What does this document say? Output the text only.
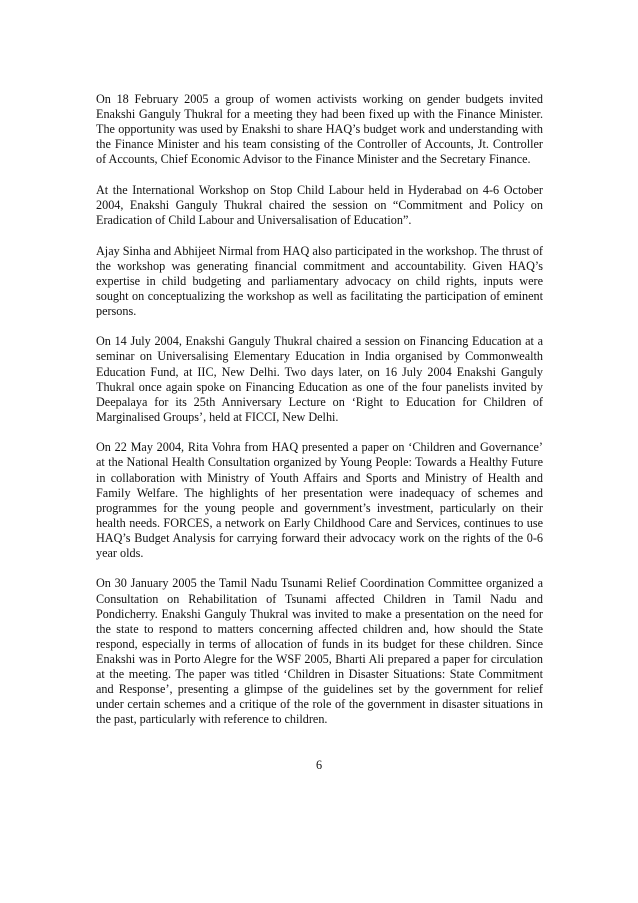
On 18 February 2005 a group of women activists working on gender budgets invited Enakshi Ganguly Thukral for a meeting they had been fixed up with the Finance Minister. The opportunity was used by Enakshi to share HAQ’s budget work and understanding with the Finance Minister and his team consisting of the Controller of Accounts, Jt. Controller of Accounts, Chief Economic Advisor to the Finance Minister and the Secretary Finance.

At the International Workshop on Stop Child Labour held in Hyderabad on 4-6 October 2004, Enakshi Ganguly Thukral chaired the session on “Commitment and Policy on Eradication of Child Labour and Universalisation of Education”.

Ajay Sinha and Abhijeet Nirmal from HAQ also participated in the workshop. The thrust of the workshop was generating financial commitment and accountability. Given HAQ’s expertise in child budgeting and parliamentary advocacy on child rights, inputs were sought on conceptualizing the workshop as well as facilitating the participation of eminent persons.

On 14 July 2004, Enakshi Ganguly Thukral chaired a session on Financing Education at a seminar on Universalising Elementary Education in India organised by Commonwealth Education Fund, at IIC, New Delhi. Two days later, on 16 July 2004 Enakshi Ganguly Thukral once again spoke on Financing Education as one of the four panelists invited by Deepalaya for its 25th Anniversary Lecture on ‘Right to Education for Children of Marginalised Groups’, held at FICCI, New Delhi.

On 22 May 2004, Rita Vohra from HAQ presented a paper on ‘Children and Governance’ at the National Health Consultation organized by Young People: Towards a Healthy Future in collaboration with Ministry of Youth Affairs and Sports and Ministry of Health and Family Welfare. The highlights of her presentation were inadequacy of schemes and programmes for the young people and government’s investment, particularly on their health needs. FORCES, a network on Early Childhood Care and Services, continues to use HAQ’s Budget Analysis for carrying forward their advocacy work on the rights of the 0-6 year olds.

On 30 January 2005 the Tamil Nadu Tsunami Relief Coordination Committee organized a Consultation on Rehabilitation of Tsunami affected Children in Tamil Nadu and Pondicherry. Enakshi Ganguly Thukral was invited to make a presentation on the need for the state to respond to matters concerning affected children and, how should the State respond, especially in terms of allocation of funds in its budget for these children. Since Enakshi was in Porto Alegre for the WSF 2005, Bharti Ali prepared a paper for circulation at the meeting. The paper was titled ‘Children in Disaster Situations: State Commitment and Response’, presenting a glimpse of the guidelines set by the government for relief under certain schemes and a critique of the role of the government in disaster situations in the past, particularly with reference to children.

6
